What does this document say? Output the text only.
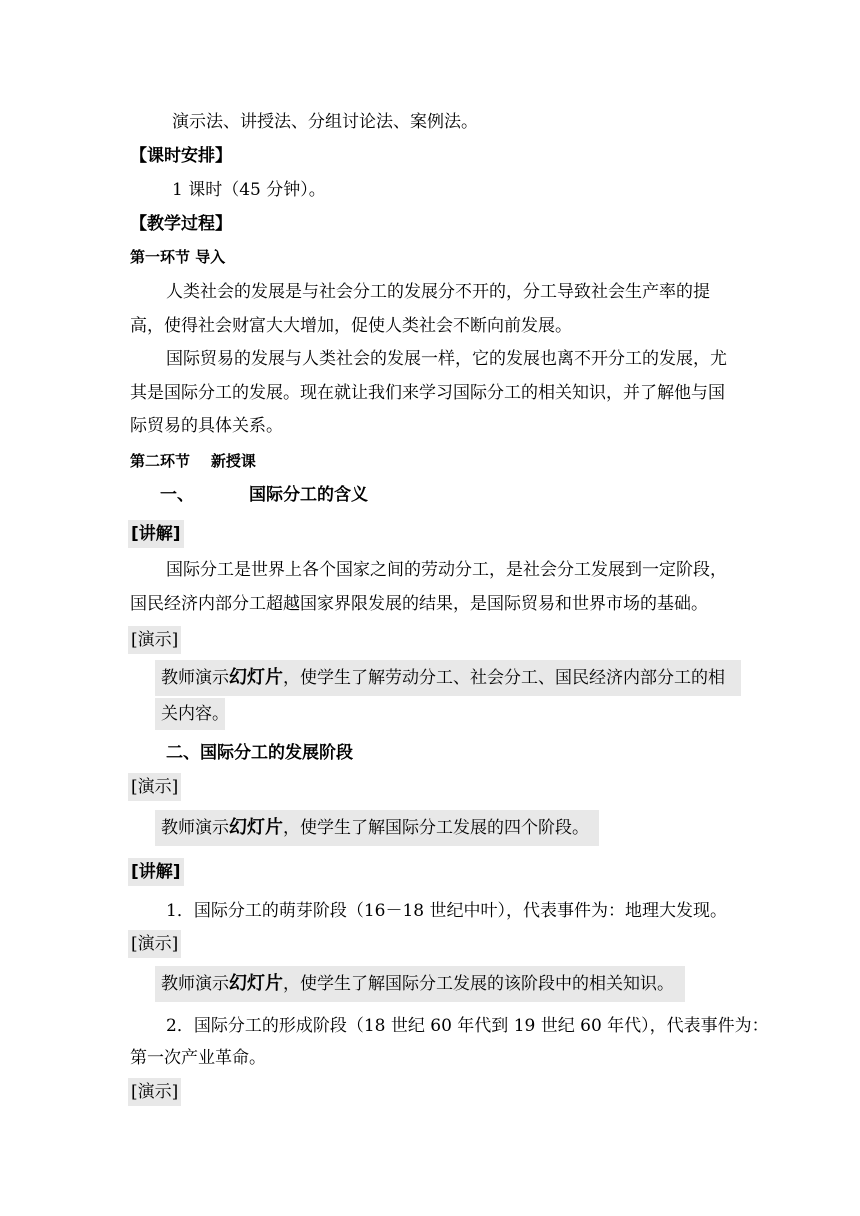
演示法、讲授法、分组讨论法、案例法。
【课时安排】
1 课时（45 分钟）。
【教学过程】
第一环节 导入
人类社会的发展是与社会分工的发展分不开的，分工导致社会生产率的提
高，使得社会财富大大增加，促使人类社会不断向前发展。
国际贸易的发展与人类社会的发展一样，它的发展也离不开分工的发展，尤
其是国际分工的发展。现在就让我们来学习国际分工的相关知识，并了解他与国
际贸易的具体关系。
第二环节    新授课
一、	国际分工的含义
[讲解]
国际分工是世界上各个国家之间的劳动分工，是社会分工发展到一定阶段，
国民经济内部分工超越国家界限发展的结果，是国际贸易和世界市场的基础。
[演示]
教师演示幻灯片，使学生了解劳动分工、社会分工、国民经济内部分工的相
关内容。
二、国际分工的发展阶段
[演示]
教师演示幻灯片，使学生了解国际分工发展的四个阶段。
[讲解]
1．国际分工的萌芽阶段（16－18 世纪中叶），代表事件为：地理大发现。
[演示]
教师演示幻灯片，使学生了解国际分工发展的该阶段中的相关知识。
2．国际分工的形成阶段（18 世纪 60 年代到 19 世纪 60 年代），代表事件为：
第一次产业革命。
[演示]
